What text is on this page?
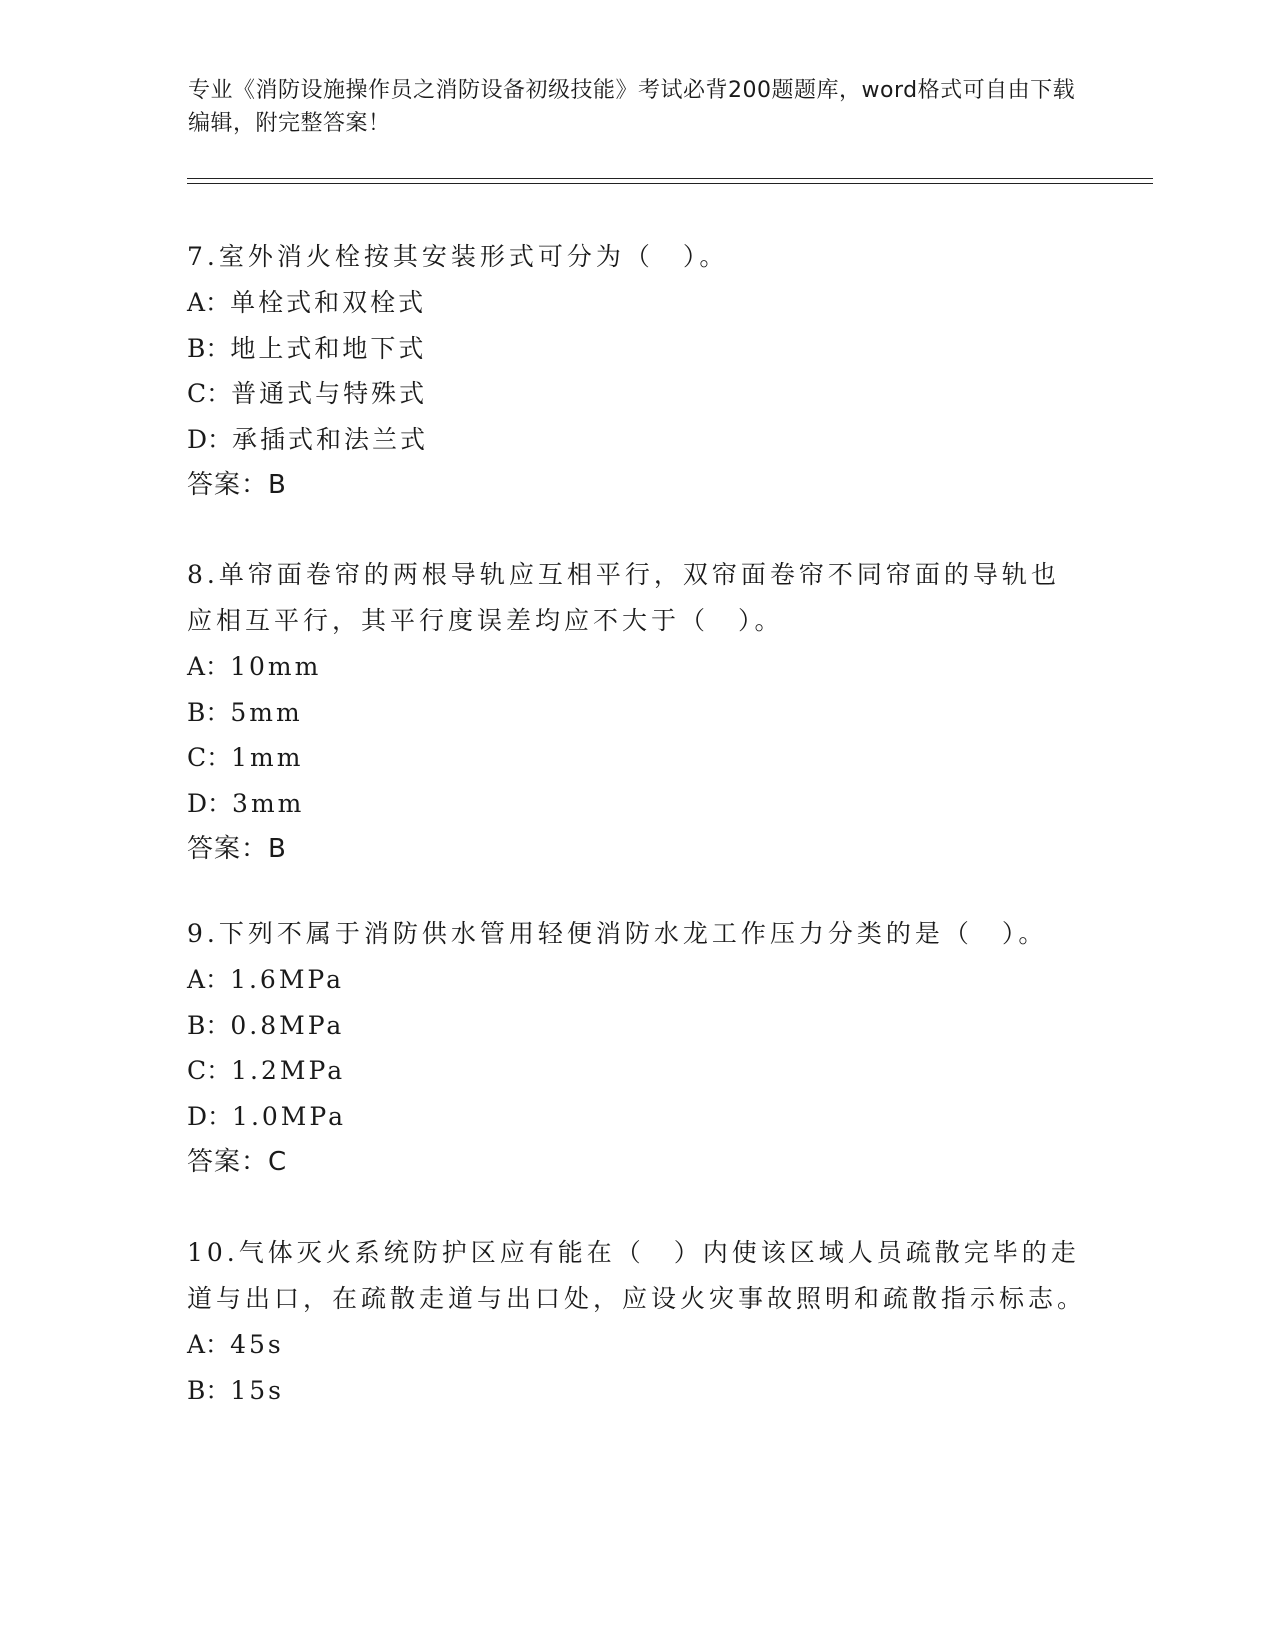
专业《消防设施操作员之消防设备初级技能》考试必背200题题库，word格式可自由下载编辑，附完整答案！
7.室外消火栓按其安装形式可分为（　）。
A：单栓式和双栓式
B：地上式和地下式
C：普通式与特殊式
D：承插式和法兰式
答案：B
8.单帘面卷帘的两根导轨应互相平行，双帘面卷帘不同帘面的导轨也应相互平行，其平行度误差均应不大于（　）。
A：10mm
B：5mm
C：1mm
D：3mm
答案：B
9.下列不属于消防供水管用轻便消防水龙工作压力分类的是（　）。
A：1.6MPa
B：0.8MPa
C：1.2MPa
D：1.0MPa
答案：C
10.气体灭火系统防护区应有能在（　）内使该区域人员疏散完毕的走道与出口，在疏散走道与出口处，应设火灾事故照明和疏散指示标志。
A：45s
B：15s
